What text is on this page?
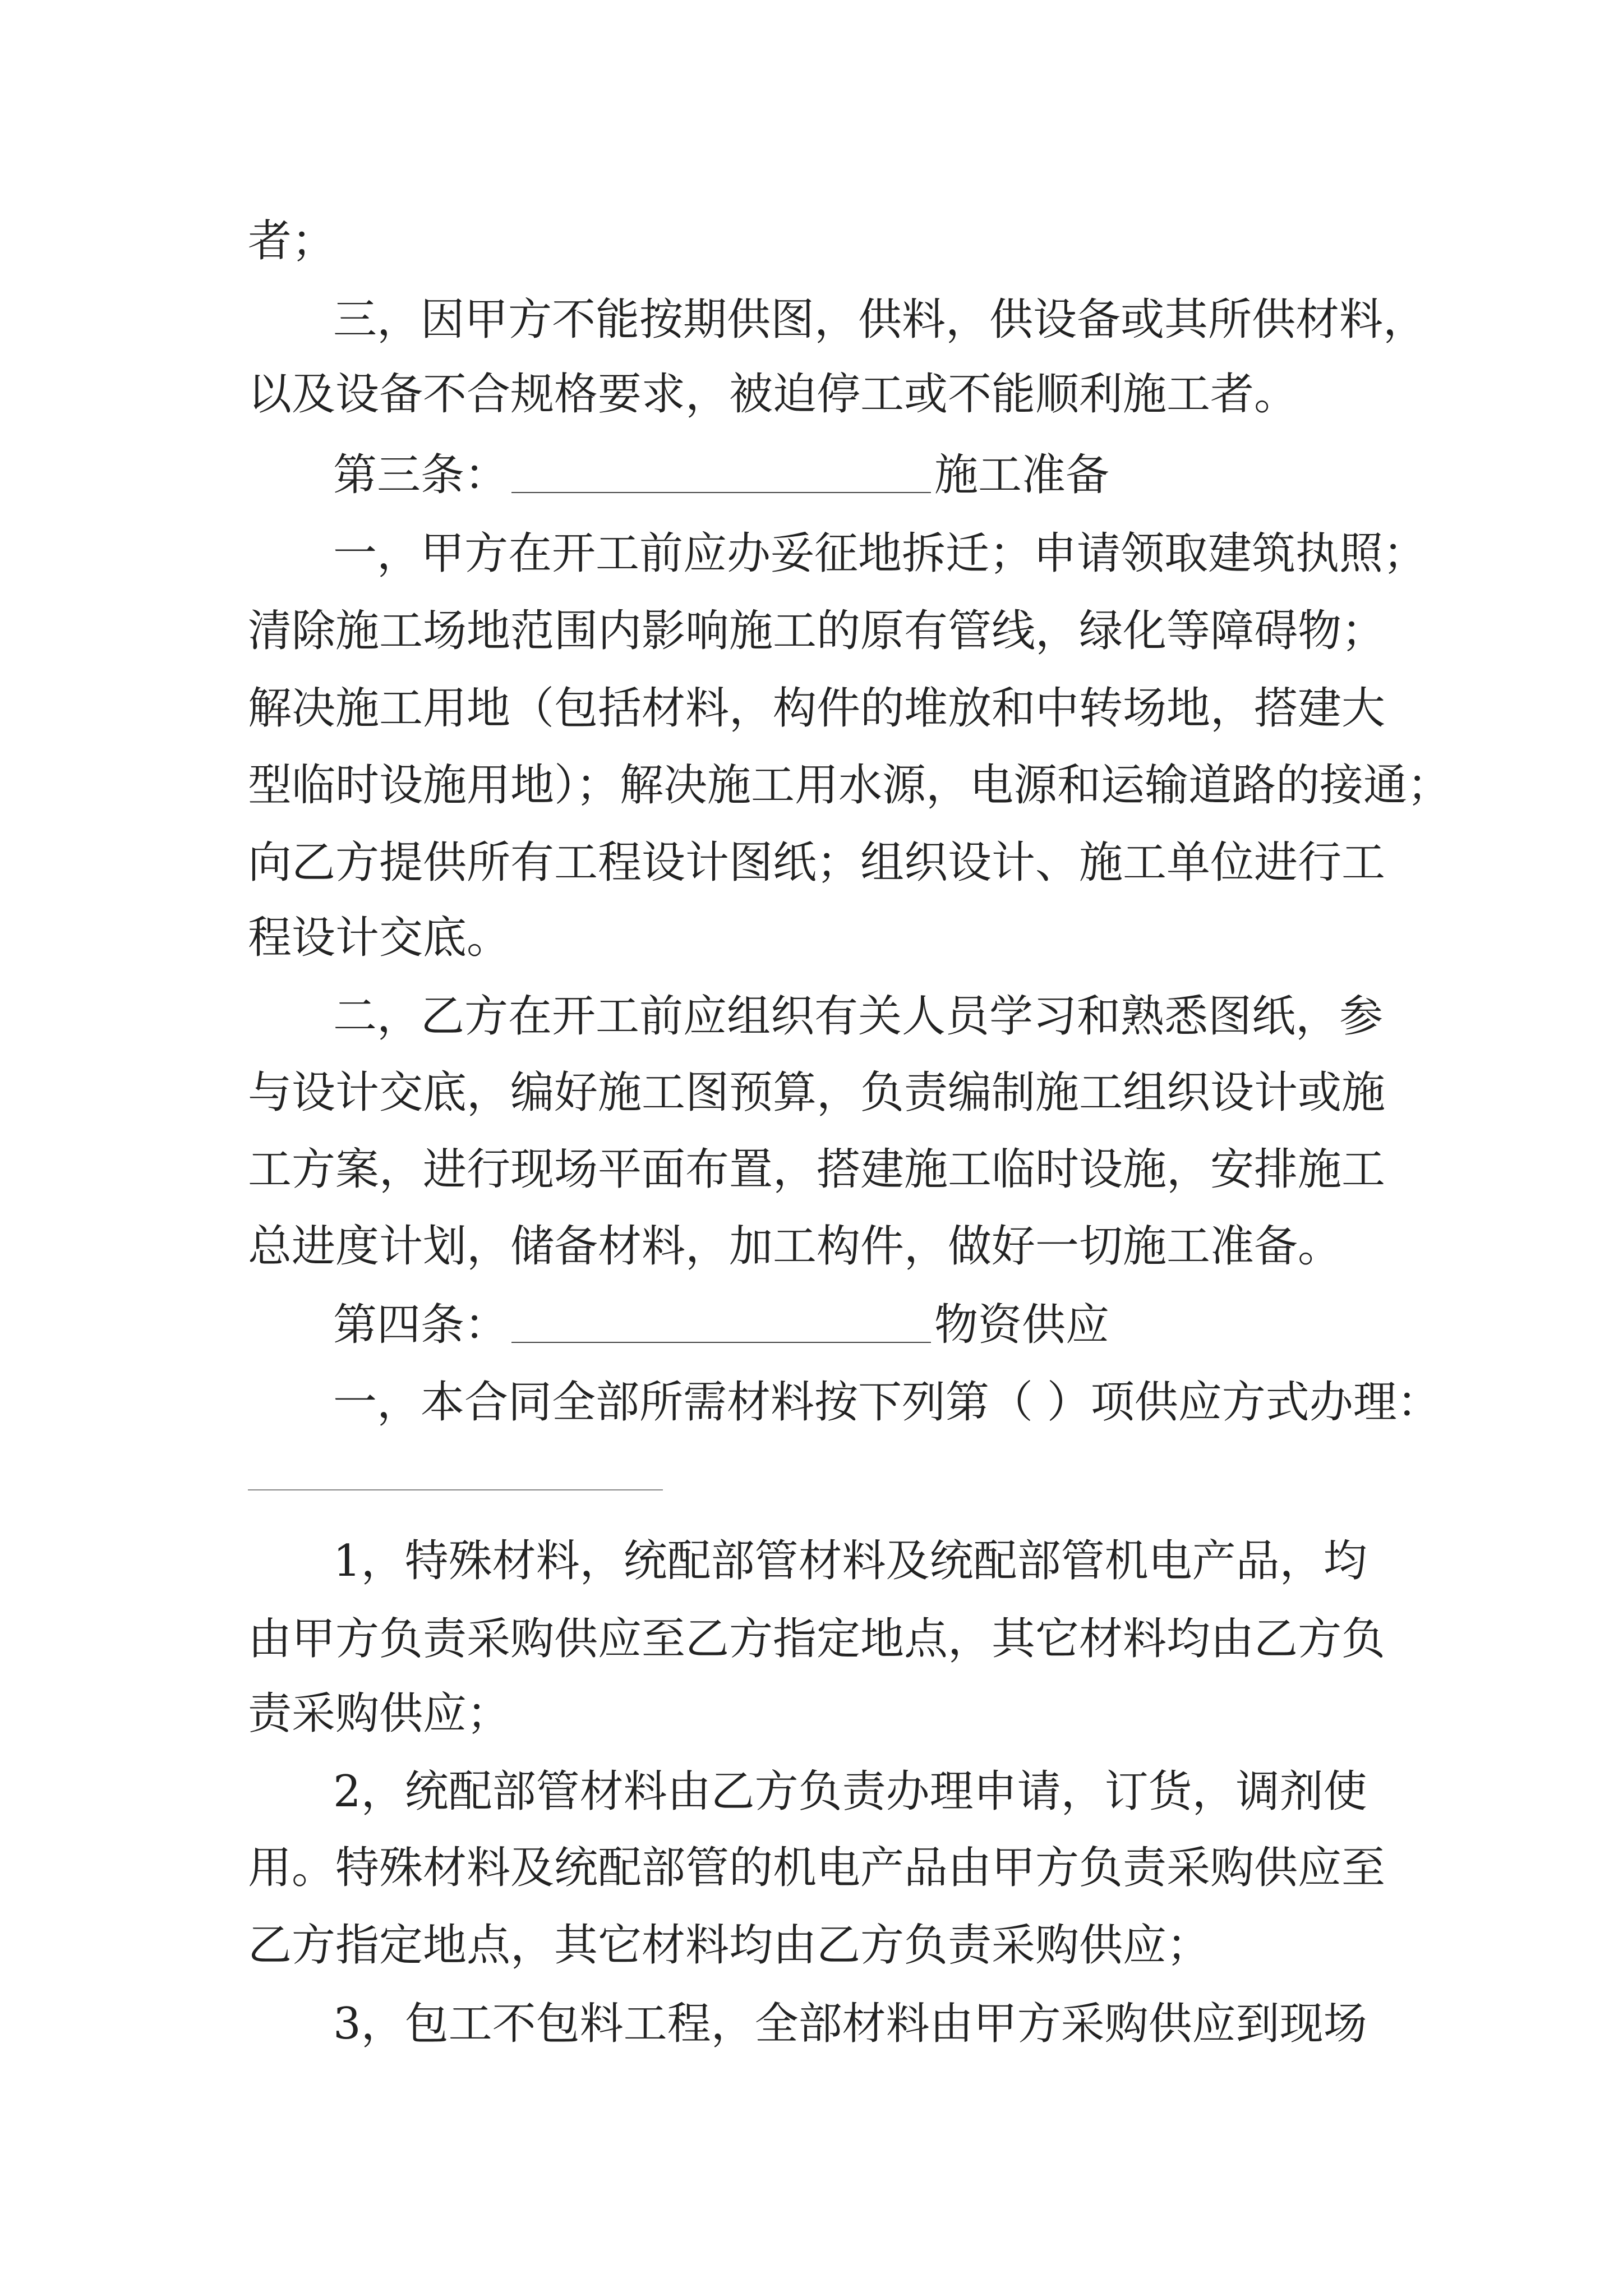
者；
三，因甲方不能按期供图，供料，供设备或其所供材料，
以及设备不合规格要求，被迫停工或不能顺利施工者。
第三条：	施工准备
一，甲方在开工前应办妥征地拆迁；申请领取建筑执照；
清除施工场地范围内影响施工的原有管线，绿化等障碍物；
解决施工用地（包括材料，构件的堆放和中转场地，搭建大
型临时设施用地）；解决施工用水源，电源和运输道路的接通；
向乙方提供所有工程设计图纸；组织设计、施工单位进行工
程设计交底。
二，乙方在开工前应组织有关人员学习和熟悉图纸，参
与设计交底，编好施工图预算，负责编制施工组织设计或施
工方案，进行现场平面布置，搭建施工临时设施，安排施工
总进度计划，储备材料，加工构件，做好一切施工准备。
第四条：	物资供应
一，本合同全部所需材料按下列第（ ）项供应方式办理：
1，特殊材料，统配部管材料及统配部管机电产品，均
由甲方负责采购供应至乙方指定地点，其它材料均由乙方负
责采购供应；
2，统配部管材料由乙方负责办理申请，订货，调剂使
用。特殊材料及统配部管的机电产品由甲方负责采购供应至
乙方指定地点，其它材料均由乙方负责采购供应；
3，包工不包料工程，全部材料由甲方采购供应到现场
